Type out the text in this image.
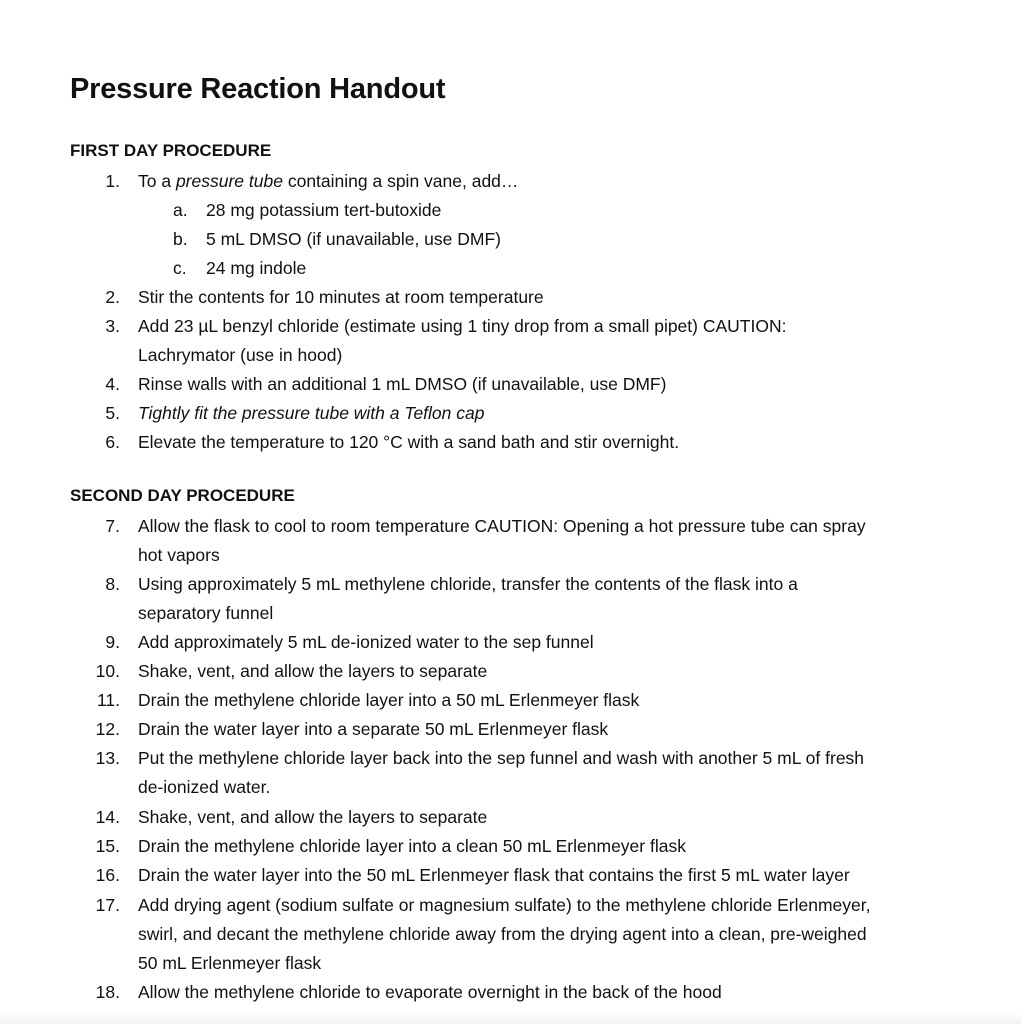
Pressure Reaction Handout
FIRST DAY PROCEDURE
1. To a pressure tube containing a spin vane, add…
a.	28 mg potassium tert-butoxide
b.	5 mL DMSO (if unavailable, use DMF)
c.	24 mg indole
2. Stir the contents for 10 minutes at room temperature
3. Add 23 µL benzyl chloride (estimate using 1 tiny drop from a small pipet) CAUTION:
Lachrymator (use in hood)
4. Rinse walls with an additional 1 mL DMSO (if unavailable, use DMF)
5. Tightly fit the pressure tube with a Teflon cap
6. Elevate the temperature to 120 °C with a sand bath and stir overnight.
SECOND DAY PROCEDURE
7. Allow the flask to cool to room temperature CAUTION: Opening a hot pressure tube can spray
hot vapors
8. Using approximately 5 mL methylene chloride, transfer the contents of the flask into a
separatory funnel
9. Add approximately 5 mL de-ionized water to the sep funnel
10. Shake, vent, and allow the layers to separate
11. Drain the methylene chloride layer into a 50 mL Erlenmeyer flask
12. Drain the water layer into a separate 50 mL Erlenmeyer flask
13. Put the methylene chloride layer back into the sep funnel and wash with another 5 mL of fresh
de-ionized water.
14. Shake, vent, and allow the layers to separate
15. Drain the methylene chloride layer into a clean 50 mL Erlenmeyer flask
16. Drain the water layer into the 50 mL Erlenmeyer flask that contains the first 5 mL water layer
17. Add drying agent (sodium sulfate or magnesium sulfate) to the methylene chloride Erlenmeyer,
swirl, and decant the methylene chloride away from the drying agent into a clean, pre-weighed
50 mL Erlenmeyer flask
18. Allow the methylene chloride to evaporate overnight in the back of the hood
